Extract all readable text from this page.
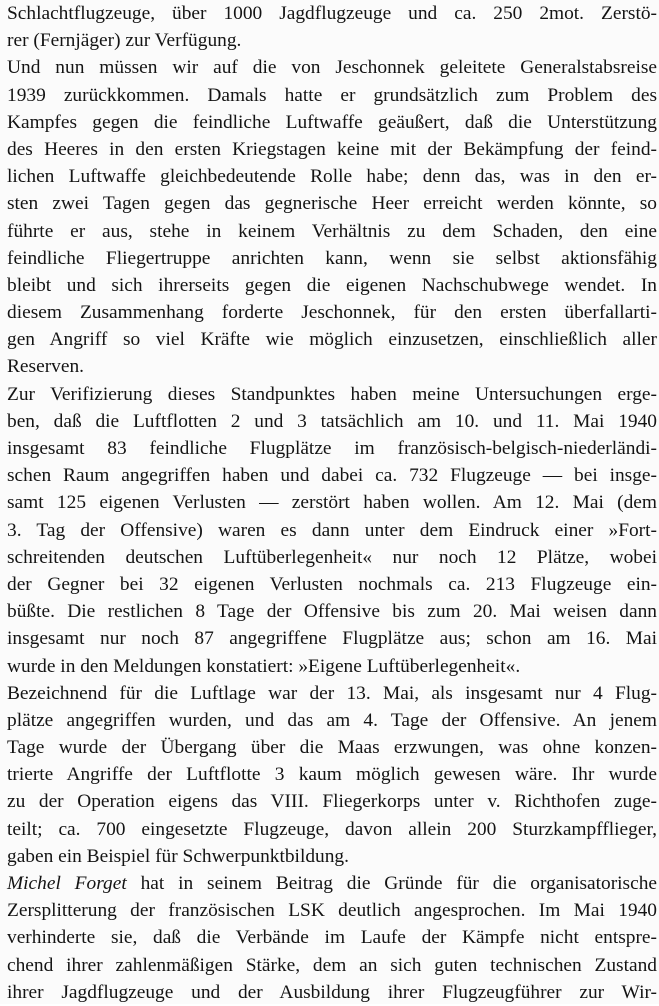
Schlachtflugzeuge, über 1000 Jagdflugzeuge und ca. 250 2mot. Zerstö-
rer (Fernjäger) zur Verfügung.
Und nun müssen wir auf die von Jeschonnek geleitete Generalstabsreise
1939 zurückkommen. Damals hatte er grundsätzlich zum Problem des
Kampfes gegen die feindliche Luftwaffe geäußert, daß die Unterstützung
des Heeres in den ersten Kriegstagen keine mit der Bekämpfung der feind-
lichen Luftwaffe gleichbedeutende Rolle habe; denn das, was in den er-
sten zwei Tagen gegen das gegnerische Heer erreicht werden könnte, so
führte er aus, stehe in keinem Verhältnis zu dem Schaden, den eine
feindliche Fliegertruppe anrichten kann, wenn sie selbst aktionsfähig
bleibt und sich ihrerseits gegen die eigenen Nachschubwege wendet. In
diesem Zusammenhang forderte Jeschonnek, für den ersten überfallarti-
gen Angriff so viel Kräfte wie möglich einzusetzen, einschließlich aller
Reserven.
Zur Verifizierung dieses Standpunktes haben meine Untersuchungen erge-
ben, daß die Luftflotten 2 und 3 tatsächlich am 10. und 11. Mai 1940
insgesamt 83 feindliche Flugplätze im französisch-belgisch-niederländi-
schen Raum angegriffen haben und dabei ca. 732 Flugzeuge — bei insge-
samt 125 eigenen Verlusten — zerstört haben wollen. Am 12. Mai (dem
3. Tag der Offensive) waren es dann unter dem Eindruck einer »Fort-
schreitenden deutschen Luftüberlegenheit« nur noch 12 Plätze, wobei
der Gegner bei 32 eigenen Verlusten nochmals ca. 213 Flugzeuge ein-
büßte. Die restlichen 8 Tage der Offensive bis zum 20. Mai weisen dann
insgesamt nur noch 87 angegriffene Flugplätze aus; schon am 16. Mai
wurde in den Meldungen konstatiert: »Eigene Luftüberlegenheit«.
Bezeichnend für die Luftlage war der 13. Mai, als insgesamt nur 4 Flug-
plätze angegriffen wurden, und das am 4. Tage der Offensive. An jenem
Tage wurde der Übergang über die Maas erzwungen, was ohne konzen-
trierte Angriffe der Luftflotte 3 kaum möglich gewesen wäre. Ihr wurde
zu der Operation eigens das VIII. Fliegerkorps unter v. Richthofen zuge-
teilt; ca. 700 eingesetzte Flugzeuge, davon allein 200 Sturzkampfflieger,
gaben ein Beispiel für Schwerpunktbildung.
Michel Forget hat in seinem Beitrag die Gründe für die organisatorische
Zersplitterung der französischen LSK deutlich angesprochen. Im Mai 1940
verhinderte sie, daß die Verbände im Laufe der Kämpfe nicht entspre-
chend ihrer zahlenmäßigen Stärke, dem an sich guten technischen Zustand
ihrer Jagdflugzeuge und der Ausbildung ihrer Flugzeugführer zur Wir-
